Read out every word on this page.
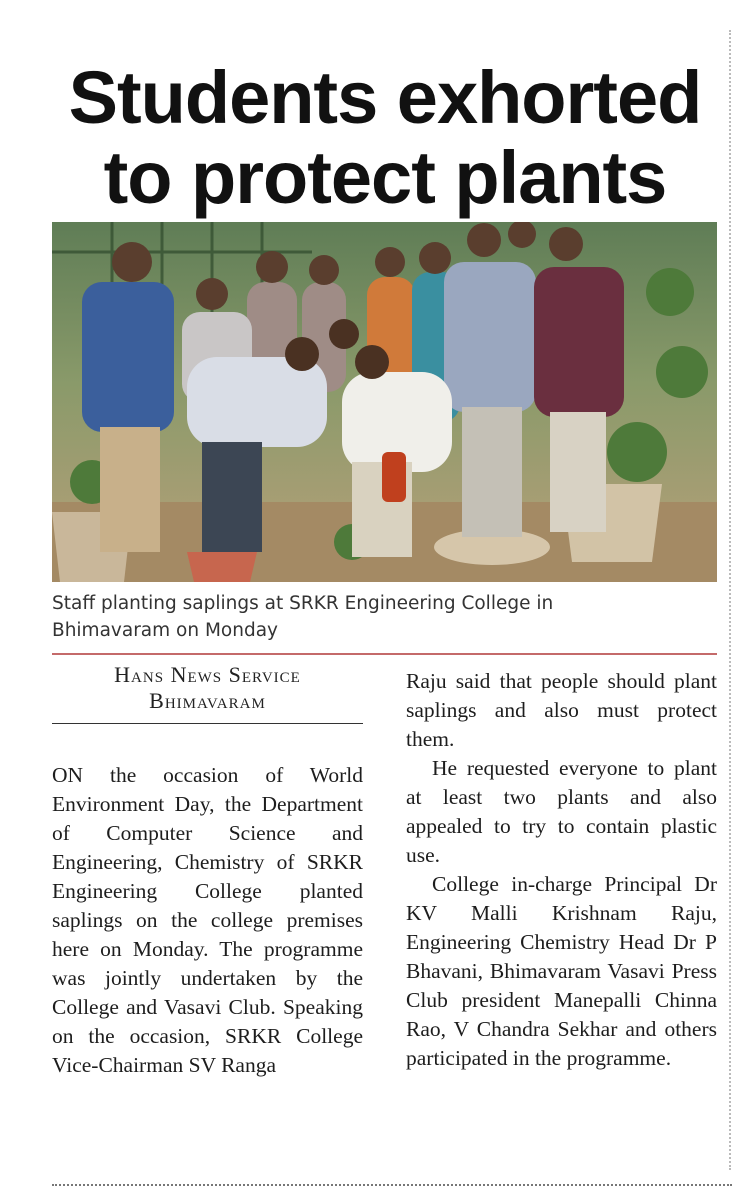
Students exhorted
to protect plants
Staff planting saplings at SRKR Engineering College in
Bhimavaram on Monday
Hans News Service
Bhimavaram

ON the occasion of World Environment Day, the Department of Computer Science and Engineering, Chemistry of SRKR Engineering College planted saplings on the college premises here on Monday. The programme was jointly undertaken by the College and Vasavi Club. Speaking on the occasion, SRKR College Vice-Chairman SV Ranga

Raju said that people should plant saplings and also must protect them.

He requested everyone to plant at least two plants and also appealed to try to contain plastic use.

College in-charge Principal Dr KV Malli Krishnam Raju, Engineering Chemistry Head Dr P Bhavani, Bhimavaram Vasavi Press Club president Manepalli Chinna Rao, V Chandra Sekhar and others participated in the programme.
